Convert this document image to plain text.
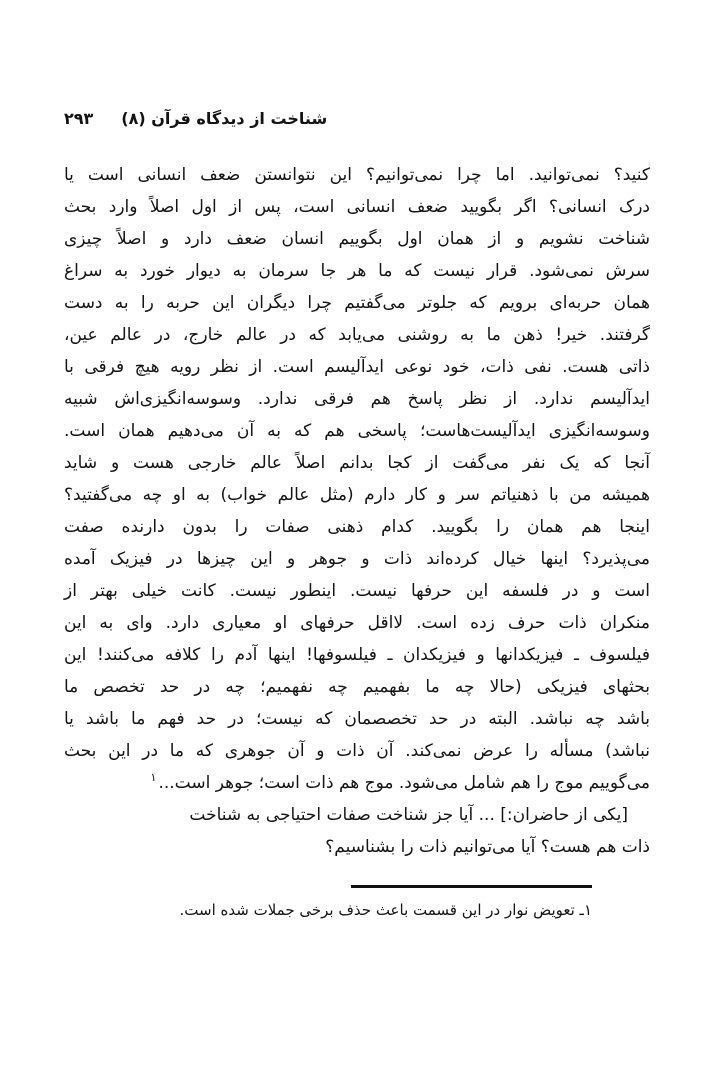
شناخت از دیدگاه قرآن (۸)
۲۹۳
کنید؟ نمی‌توانید. اما چرا نمی‌توانیم؟ این نتوانستن ضعف انسانی است یا
درک انسانی؟ اگر بگویید ضعف انسانی است، پس از اول اصلاً وارد بحث
شناخت نشویم و از همان اول بگوییم انسان ضعف دارد و اصلاً چیزی
سرش نمی‌شود. قرار نیست که ما هر جا سرمان به دیوار خورد به سراغ
همان حربه‌ای برویم که جلوتر می‌گفتیم چرا دیگران این حربه را به دست
گرفتند. خیر! ذهن ما به روشنی می‌یابد که در عالم خارج، در عالم عین،
ذاتی هست. نفی ذات، خود نوعی ایدآلیسم است. از نظر رویه هیچ فرقی با
ایدآلیسم ندارد. از نظر پاسخ هم فرقی ندارد. وسوسه‌انگیزی‌اش شبیه
وسوسه‌انگیزی ایدآلیست‌هاست؛ پاسخی هم که به آن می‌دهیم همان است.
آنجا که یک نفر می‌گفت از کجا بدانم اصلاً عالم خارجی هست و شاید
همیشه من با ذهنیاتم سر و کار دارم (مثل عالم خواب) به او چه می‌گفتید؟
اینجا هم همان را بگویید. کدام ذهنی صفات را بدون دارنده صفت
می‌پذیرد؟ اینها خیال کرده‌اند ذات و جوهر و این چیزها در فیزیک آمده
است و در فلسفه این حرفها نیست. اینطور نیست. کانت خیلی بهتر از
منکران ذات حرف زده است. لااقل حرفهای او معیاری دارد. وای به این
فیلسوف ـ فیزیکدانها و فیزیکدان ـ فیلسوفها! اینها آدم را کلافه می‌کنند! این
بحثهای فیزیکی (حالا چه ما بفهمیم چه نفهمیم؛ چه در حد تخصص ما
باشد چه نباشد. البته در حد تخصصمان که نیست؛ در حد فهم ما باشد یا
نباشد) مسأله را عرض نمی‌کند. آن ذات و آن جوهری که ما در این بحث
می‌گوییم موج را هم شامل می‌شود. موج هم ذات است؛ جوهر است...$^۱$
[یکی از حاضران:] ... آیا جز شناخت صفات احتیاجی به شناخت
ذات هم هست؟ آیا می‌توانیم ذات را بشناسیم؟
۱ـ تعویض نوار در این قسمت باعث حذف برخی جملات شده است.
